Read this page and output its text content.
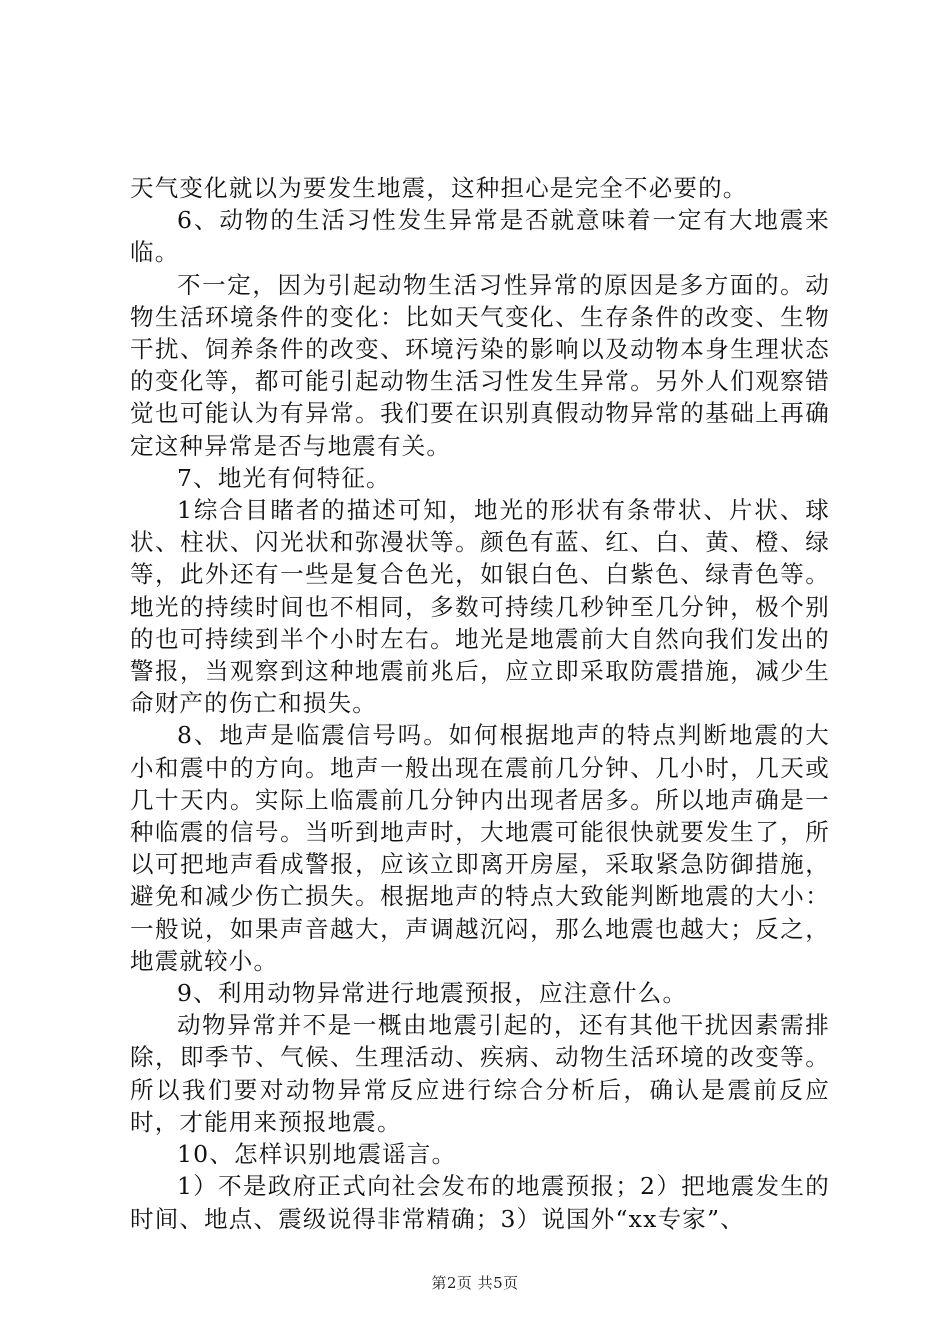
天气变化就以为要发生地震，这种担心是完全不必要的。

6、动物的生活习性发生异常是否就意味着一定有大地震来临。

不一定，因为引起动物生活习性异常的原因是多方面的。动物生活环境条件的变化：比如天气变化、生存条件的改变、生物干扰、饲养条件的改变、环境污染的影响以及动物本身生理状态的变化等，都可能引起动物生活习性发生异常。另外人们观察错觉也可能认为有异常。我们要在识别真假动物异常的基础上再确定这种异常是否与地震有关。

7、地光有何特征。

1综合目睹者的描述可知，地光的形状有条带状、片状、球状、柱状、闪光状和弥漫状等。颜色有蓝、红、白、黄、橙、绿等，此外还有一些是复合色光，如银白色、白紫色、绿青色等。地光的持续时间也不相同，多数可持续几秒钟至几分钟，极个别的也可持续到半个小时左右。地光是地震前大自然向我们发出的警报，当观察到这种地震前兆后，应立即采取防震措施，减少生命财产的伤亡和损失。

8、地声是临震信号吗。如何根据地声的特点判断地震的大小和震中的方向。地声一般出现在震前几分钟、几小时，几天或几十天内。实际上临震前几分钟内出现者居多。所以地声确是一种临震的信号。当听到地声时，大地震可能很快就要发生了，所以可把地声看成警报，应该立即离开房屋，采取紧急防御措施，避免和减少伤亡损失。根据地声的特点大致能判断地震的大小：一般说，如果声音越大，声调越沉闷，那么地震也越大；反之，地震就较小。

9、利用动物异常进行地震预报，应注意什么。

动物异常并不是一概由地震引起的，还有其他干扰因素需排除，即季节、气候、生理活动、疾病、动物生活环境的改变等。所以我们要对动物异常反应进行综合分析后，确认是震前反应时，才能用来预报地震。

10、怎样识别地震谣言。

1）不是政府正式向社会发布的地震预报；2）把地震发生的时间、地点、震级说得非常精确；3）说国外“xx专家”、

第2页 共5页
